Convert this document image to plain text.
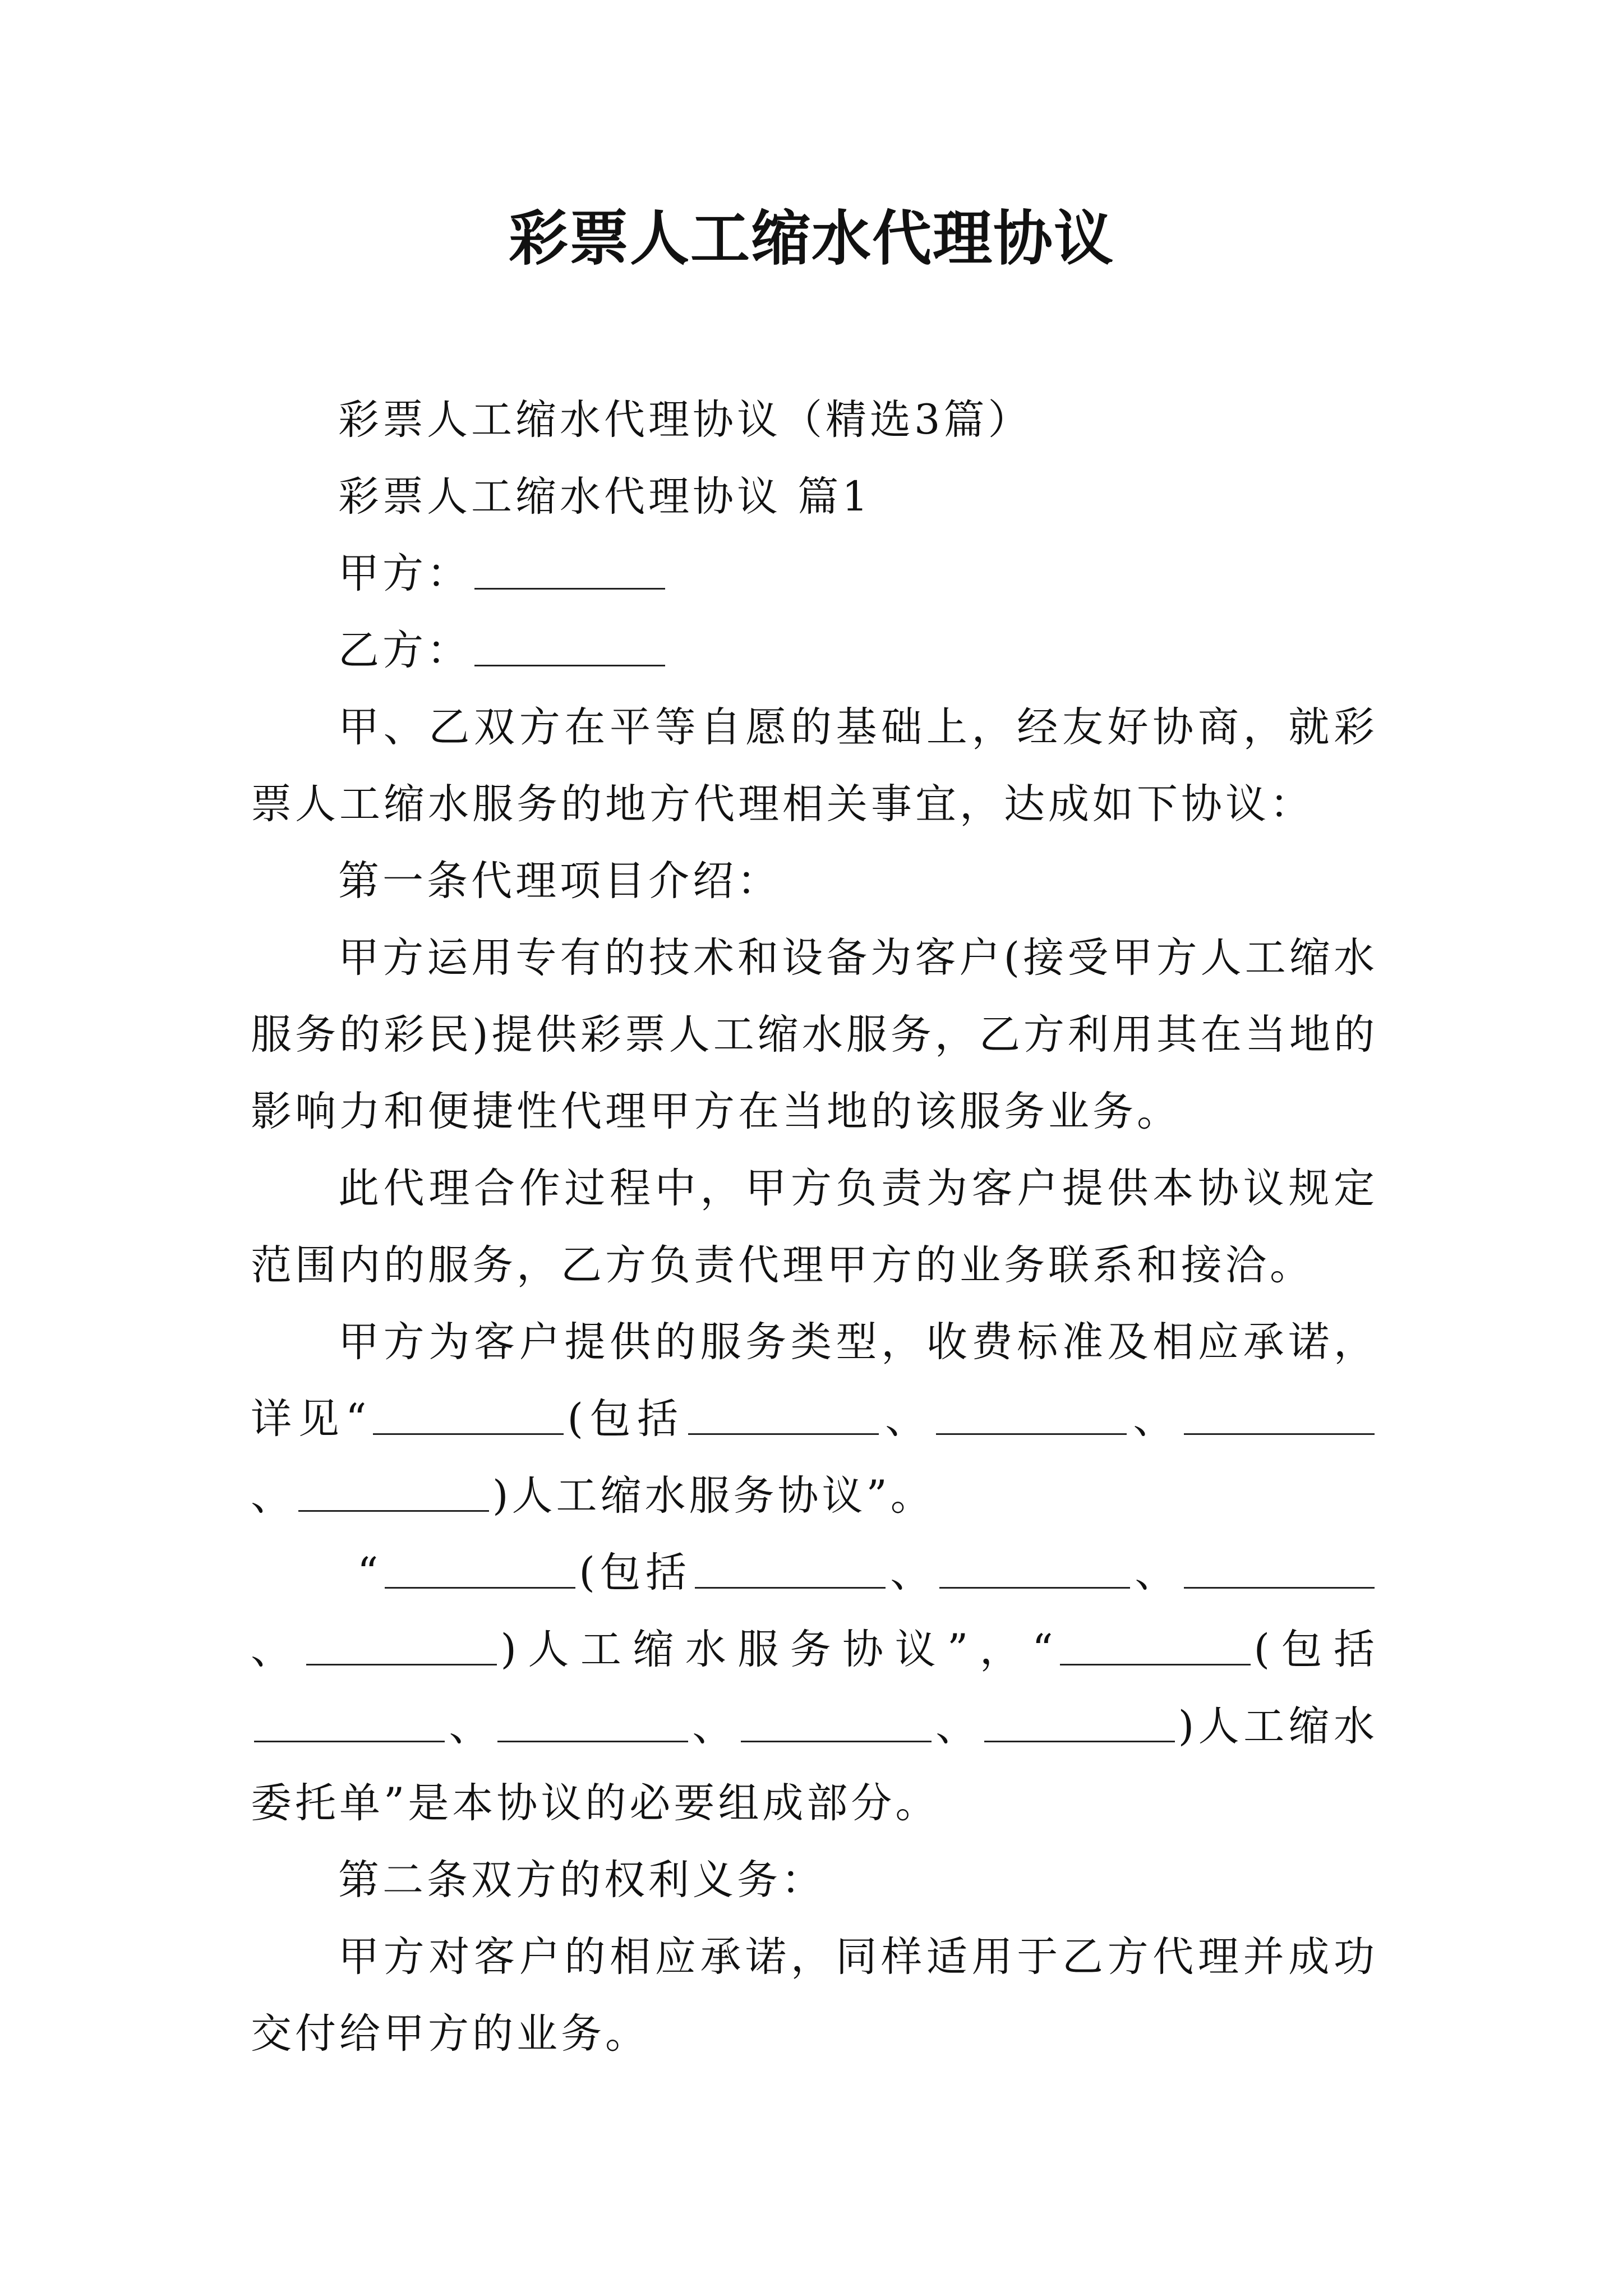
彩票人工缩水代理协议

彩票人工缩水代理协议（精选3篇）

彩票人工缩水代理协议 篇1

甲方：

乙方：

甲、乙双方在平等自愿的基础上，经友好协商，就彩票人工缩水服务的地方代理相关事宜，达成如下协议：

第一条代理项目介绍：

甲方运用专有的技术和设备为客户(接受甲方人工缩水服务的彩民)提供彩票人工缩水服务，乙方利用其在当地的影响力和便捷性代理甲方在当地的该服务业务。

此代理合作过程中，甲方负责为客户提供本协议规定范围内的服务，乙方负责代理甲方的业务联系和接洽。

甲方为客户提供的服务类型，收费标准及相应承诺，详见“	(包括	、	、、	)人工缩水服务协议”。

“	(包括	、	、、	)人工缩水服务协议”，“	(包括、	、	、	)人工缩水委托单”是本协议的必要组成部分。

第二条双方的权利义务：

甲方对客户的相应承诺，同样适用于乙方代理并成功交付给甲方的业务。
